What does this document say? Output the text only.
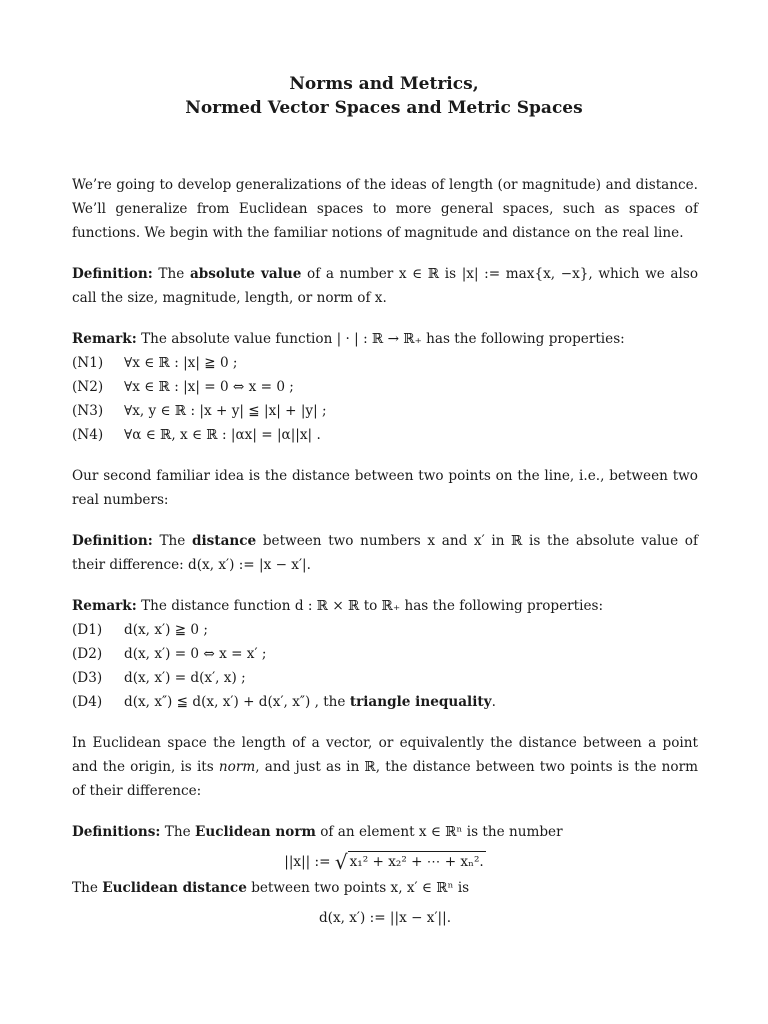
Norms and Metrics,
Normed Vector Spaces and Metric Spaces

We’re going to develop generalizations of the ideas of length (or magnitude) and distance. We’ll generalize from Euclidean spaces to more general spaces, such as spaces of functions. We begin with the familiar notions of magnitude and distance on the real line.

Definition: The absolute value of a number x ∈ ℝ is |x| := max{x, −x}, which we also call the size, magnitude, length, or norm of x.

Remark: The absolute value function | · | : ℝ → ℝ₊ has the following properties:

(N1)	∀x ∈ ℝ : |x| ≧ 0 ;
(N2)	∀x ∈ ℝ : |x| = 0 ⇔ x = 0 ;
(N3)	∀x, y ∈ ℝ : |x + y| ≦ |x| + |y| ;
(N4)	∀α ∈ ℝ, x ∈ ℝ : |αx| = |α||x| .

Our second familiar idea is the distance between two points on the line, i.e., between two real numbers:

Definition: The distance between two numbers x and x′ in ℝ is the absolute value of their difference: d(x, x′) := |x − x′|.

Remark: The distance function d : ℝ × ℝ to ℝ₊ has the following properties:

(D1)	d(x, x′) ≧ 0 ;
(D2)	d(x, x′) = 0 ⇔ x = x′ ;
(D3)	d(x, x′) = d(x′, x) ;
(D4)	d(x, x″) ≦ d(x, x′) + d(x′, x″) , the triangle inequality.

In Euclidean space the length of a vector, or equivalently the distance between a point and the origin, is its norm, and just as in ℝ, the distance between two points is the norm of their difference:

Definitions: The Euclidean norm of an element x ∈ ℝⁿ is the number

||x|| := √ x₁² + x₂² + ⋯ + xₙ².

The Euclidean distance between two points x, x′ ∈ ℝⁿ is

d(x, x′) := ||x − x′||.
